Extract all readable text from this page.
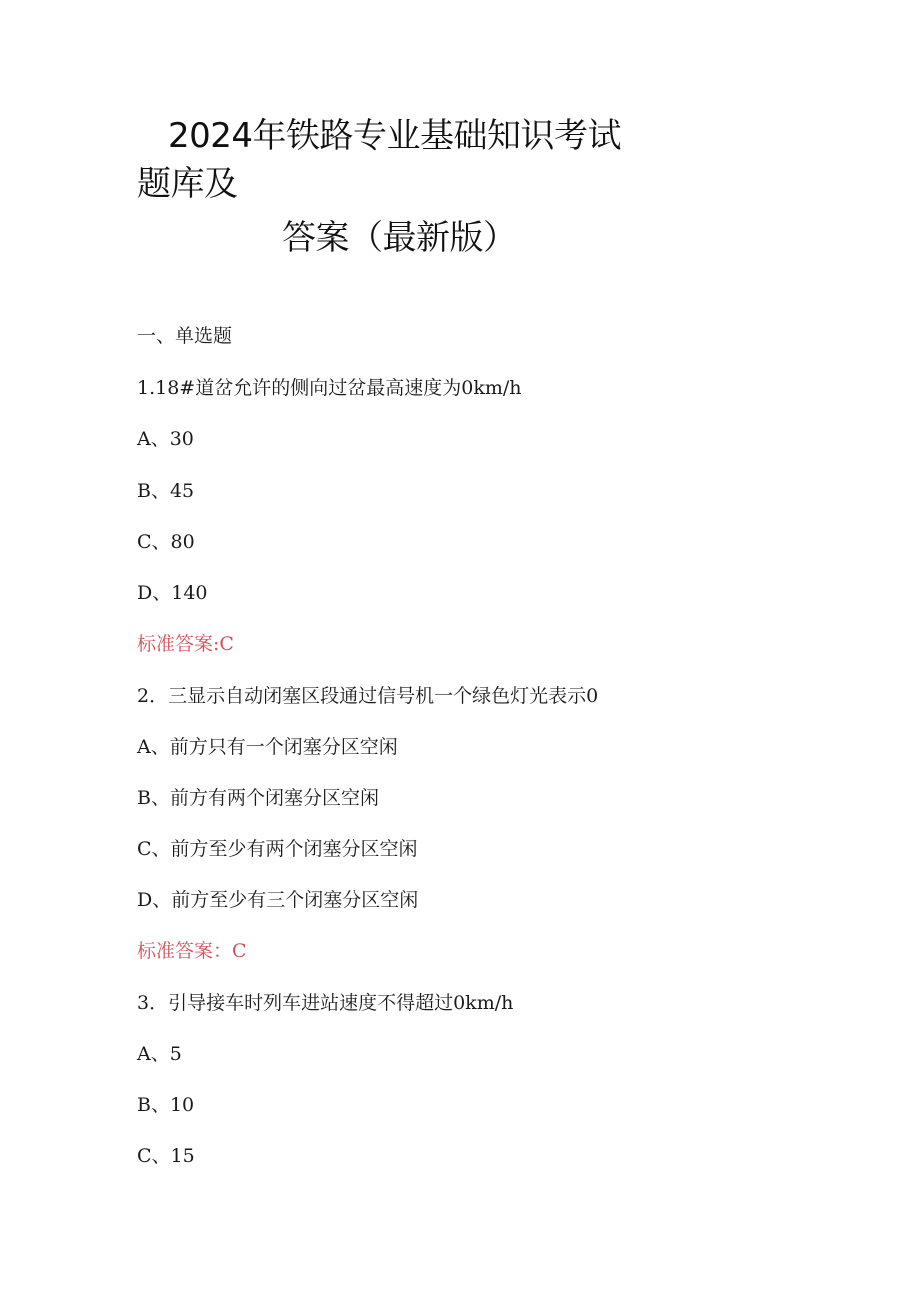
2024年铁路专业基础知识考试
题库及
答案（最新版）
一、单选题
1.18#道岔允许的侧向过岔最高速度为0km/h
A、30
B、45
C、80
D、140
标准答案:C
2．三显示自动闭塞区段通过信号机一个绿色灯光表示0
A、前方只有一个闭塞分区空闲
B、前方有两个闭塞分区空闲
C、前方至少有两个闭塞分区空闲
D、前方至少有三个闭塞分区空闲
标准答案：C
3．引导接车时列车进站速度不得超过0km/h
A、5
B、10
C、15
